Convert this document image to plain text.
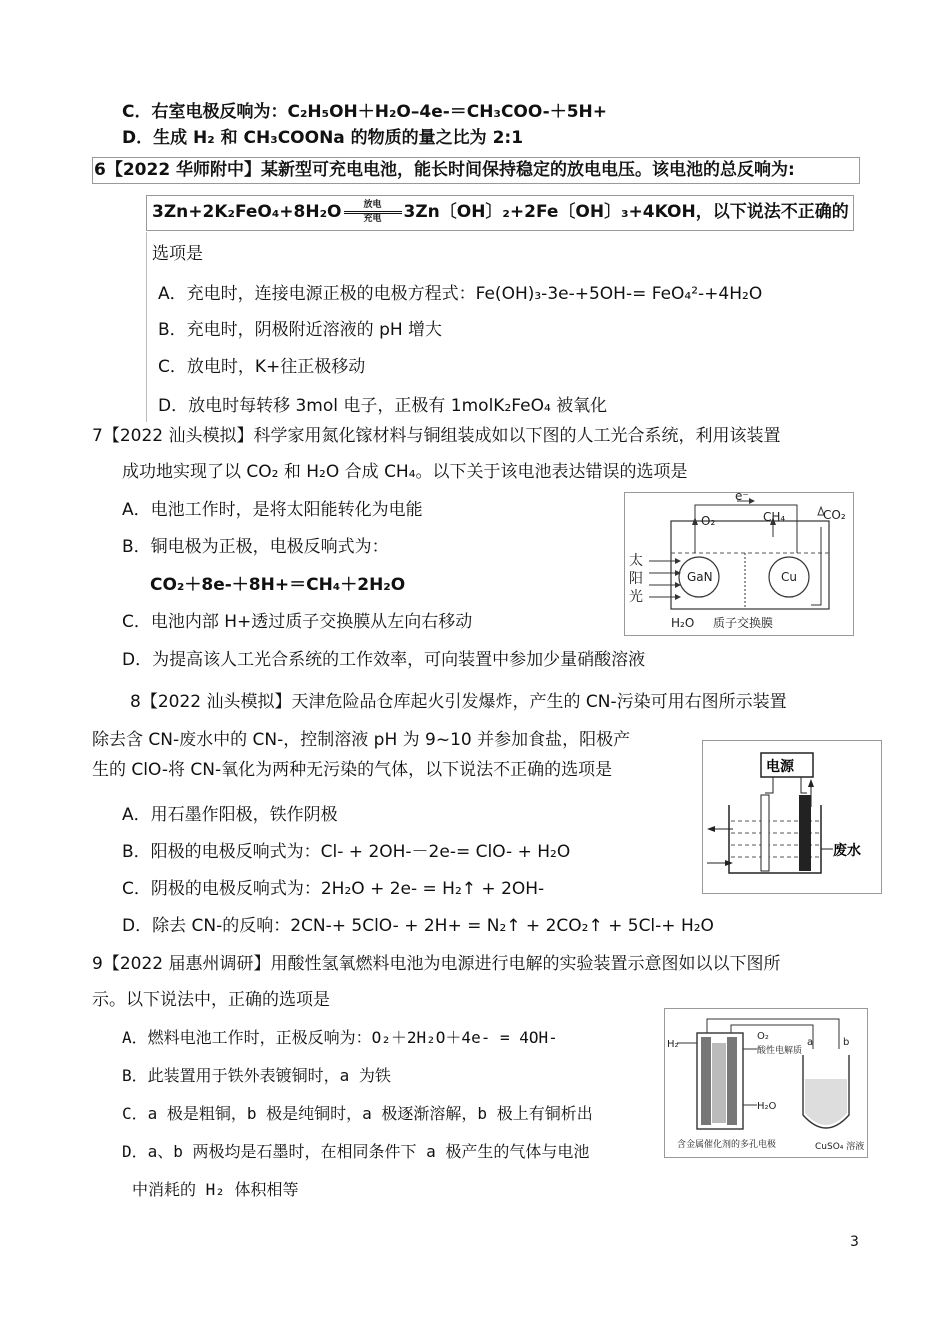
C．右室电极反响为：C₂H₅OH＋H₂O–4e-＝CH₃COO-＋5H+
D．生成 H₂ 和 CH₃COONa 的物质的量之比为 2:1
6【2022 华师附中】某新型可充电电池，能长时间保持稳定的放电电压。该电池的总反响为:
3Zn+2K₂FeO₄+8H₂O 放电
充电 3Zn〔OH〕₂+2Fe〔OH〕₃+4KOH，以下说法不正确的
选项是
A．充电时，连接电源正极的电极方程式：Fe(OH)₃-3e-+5OH-= FeO₄²-+4H₂O
B．充电时，阴极附近溶液的 pH 增大
C．放电时，K+往正极移动
D．放电时每转移 3mol 电子，正极有 1molK₂FeO₄ 被氧化
7【2022 汕头模拟】科学家用氮化镓材料与铜组装成如以下图的人工光合系统，利用该装置
成功地实现了以 CO₂ 和 H₂O 合成 CH₄。以下关于该电池表达错误的选项是
A．电池工作时，是将太阳能转化为电能
B．铜电极为正极，电极反响式为：
CO₂＋8e-＋8H+＝CH₄＋2H₂O
C．电池内部 H+透过质子交换膜从左向右移动
D．为提高该人工光合系统的工作效率，可向装置中参加少量硝酸溶液
e⁻
O₂	CH₄	CO₂
太
阳
光
GaN	Cu
H₂O 质子交换膜
8【2022 汕头模拟】天津危险品仓库起火引发爆炸，产生的 CN-污染可用右图所示装置
除去含 CN-废水中的 CN-，控制溶液 pH 为 9~10 并参加食盐，阳极产
生的 ClO-将 CN-氧化为两种无污染的气体，以下说法不正确的选项是
A．用石墨作阳极，铁作阴极
B．阳极的电极反响式为：Cl- + 2OH-－2e-= ClO- + H₂O
C．阴极的电极反响式为：2H₂O + 2e- = H₂↑ + 2OH-
D．除去 CN-的反响：2CN-+ 5ClO- + 2H+ = N₂↑ + 2CO₂↑ + 5Cl-+ H₂O
电源
废水
9【2022 届惠州调研】用酸性氢氧燃料电池为电源进行电解的实验装置示意图如以以下图所
示。以下说法中，正确的选项是
A．燃料电池工作时，正极反响为：O₂＋2H₂O＋4e- = 4OH-
B．此装置用于铁外表镀铜时，a 为铁
C．a 极是粗铜，b 极是纯铜时，a 极逐渐溶解，b 极上有铜析出
D．a、b 两极均是石墨时，在相同条件下 a 极产生的气体与电池
中消耗的 H₂ 体积相等
H₂
O₂
酸性电解质
H₂O
含金属催化剂的多孔电极
a	b
CuSO₄ 溶液
3
